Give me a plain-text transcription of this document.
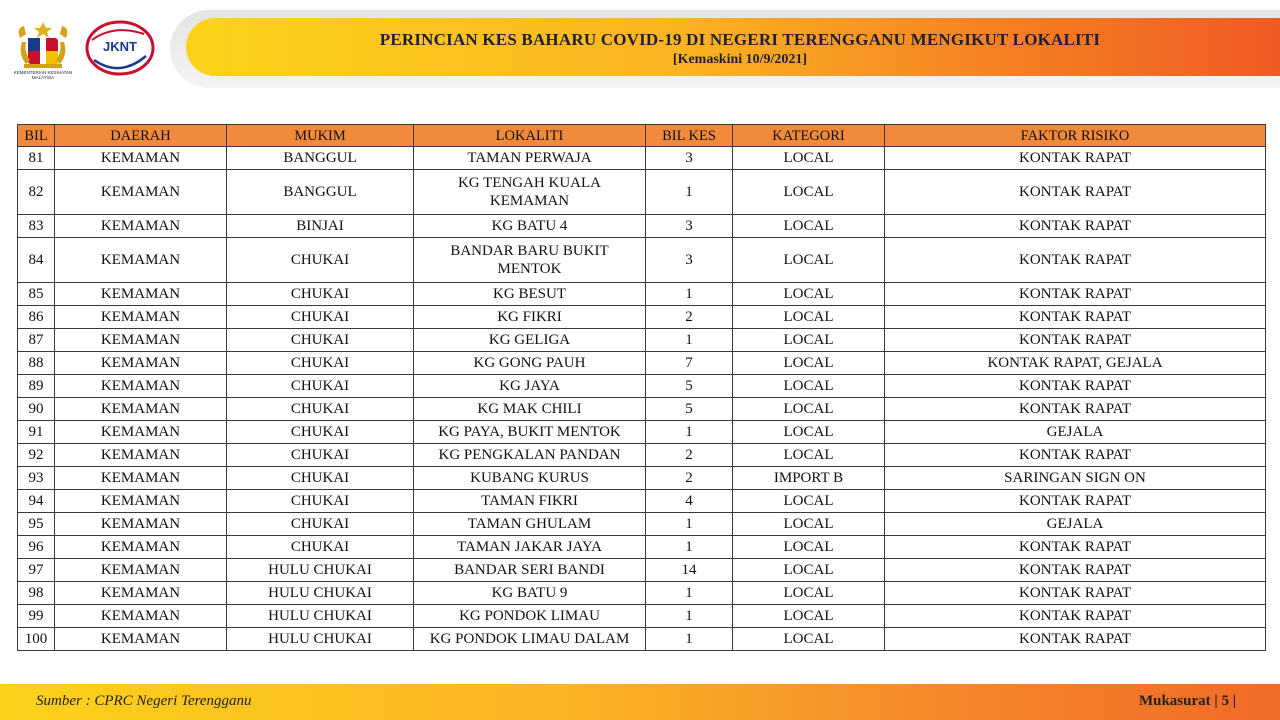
PERINCIAN KES BAHARU COVID-19 DI NEGERI TERENGGANU MENGIKUT LOKALITI
[Kemaskini 10/9/2021]
KEMENTERIAN KESIHATAN MALAYSIA
JKNT
BIL	DAERAH	MUKIM	LOKALITI	BIL KES	KATEGORI	FAKTOR RISIKO
81	KEMAMAN	BANGGUL	TAMAN PERWAJA	3	LOCAL	KONTAK RAPAT
82	KEMAMAN	BANGGUL	KG TENGAH KUALA KEMAMAN	1	LOCAL	KONTAK RAPAT
83	KEMAMAN	BINJAI	KG BATU 4	3	LOCAL	KONTAK RAPAT
84	KEMAMAN	CHUKAI	BANDAR BARU BUKIT MENTOK	3	LOCAL	KONTAK RAPAT
85	KEMAMAN	CHUKAI	KG BESUT	1	LOCAL	KONTAK RAPAT
86	KEMAMAN	CHUKAI	KG FIKRI	2	LOCAL	KONTAK RAPAT
87	KEMAMAN	CHUKAI	KG GELIGA	1	LOCAL	KONTAK RAPAT
88	KEMAMAN	CHUKAI	KG GONG PAUH	7	LOCAL	KONTAK RAPAT, GEJALA
89	KEMAMAN	CHUKAI	KG JAYA	5	LOCAL	KONTAK RAPAT
90	KEMAMAN	CHUKAI	KG MAK CHILI	5	LOCAL	KONTAK RAPAT
91	KEMAMAN	CHUKAI	KG PAYA, BUKIT MENTOK	1	LOCAL	GEJALA
92	KEMAMAN	CHUKAI	KG PENGKALAN PANDAN	2	LOCAL	KONTAK RAPAT
93	KEMAMAN	CHUKAI	KUBANG KURUS	2	IMPORT B	SARINGAN SIGN ON
94	KEMAMAN	CHUKAI	TAMAN FIKRI	4	LOCAL	KONTAK RAPAT
95	KEMAMAN	CHUKAI	TAMAN GHULAM	1	LOCAL	GEJALA
96	KEMAMAN	CHUKAI	TAMAN JAKAR JAYA	1	LOCAL	KONTAK RAPAT
97	KEMAMAN	HULU CHUKAI	BANDAR SERI BANDI	14	LOCAL	KONTAK RAPAT
98	KEMAMAN	HULU CHUKAI	KG BATU 9	1	LOCAL	KONTAK RAPAT
99	KEMAMAN	HULU CHUKAI	KG PONDOK LIMAU	1	LOCAL	KONTAK RAPAT
100	KEMAMAN	HULU CHUKAI	KG PONDOK LIMAU DALAM	1	LOCAL	KONTAK RAPAT
Sumber : CPRC Negeri Terengganu	Mukasurat | 5 |
